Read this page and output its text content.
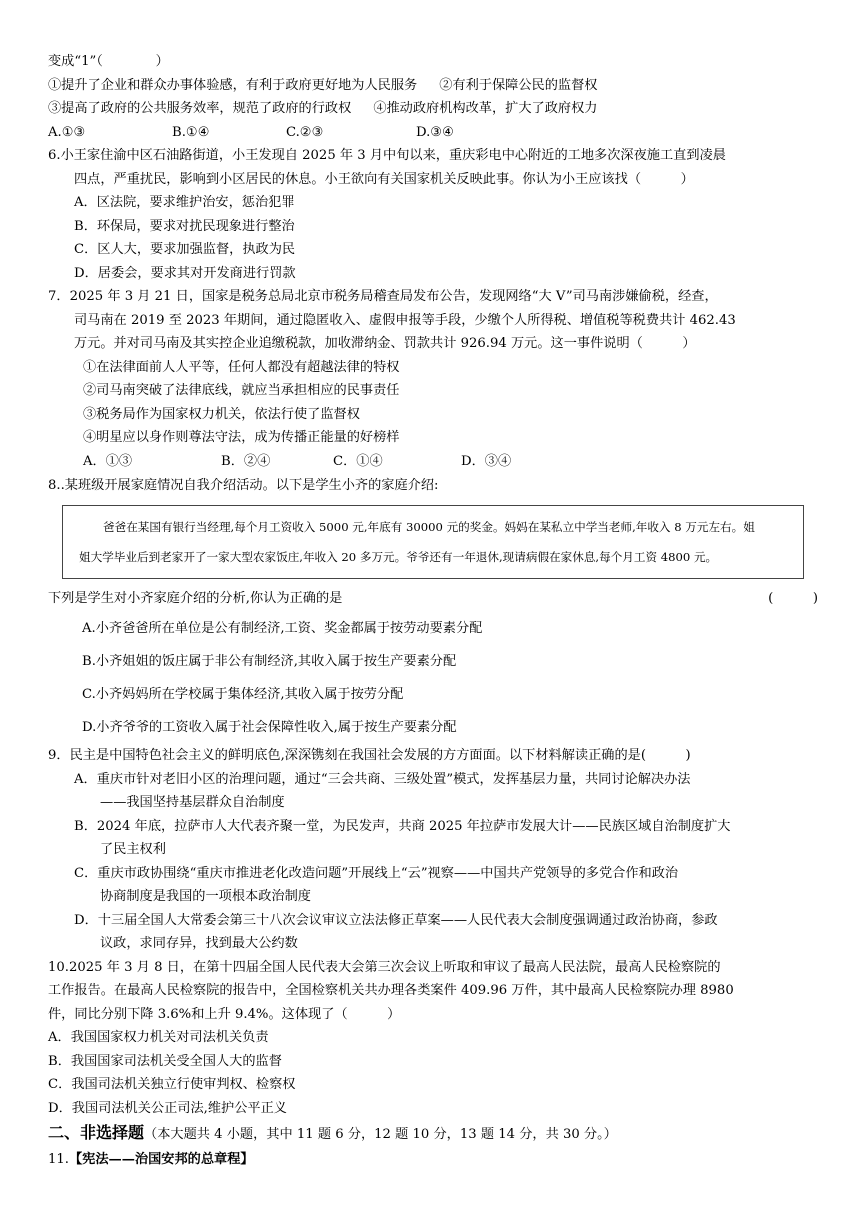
变成“1”（　　　　）
①提升了企业和群众办事体验感，有利于政府更好地为人民服务 ②有利于保障公民的监督权
③提高了政府的公共服务效率，规范了政府的行政权 ④推动政府机构改革，扩大了政府权力
A.①③	B.①④	C.②③	D.③④
6.小王家住渝中区石油路街道，小王发现自 2025 年 3 月中旬以来，重庆彩电中心附近的工地多次深夜施工直到凌晨
四点，严重扰民，影响到小区居民的休息。小王欲向有关国家机关反映此事。你认为小王应该找（　　　）
A．区法院，要求维护治安，惩治犯罪
B．环保局，要求对扰民现象进行整治
C．区人大，要求加强监督，执政为民
D．居委会，要求其对开发商进行罚款
7．2025 年 3 月 21 日，国家是税务总局北京市税务局稽查局发布公告，发现网络“大 V”司马南涉嫌偷税，经查，
司马南在 2019 至 2023 年期间，通过隐匿收入、虚假申报等手段，少缴个人所得税、增值税等税费共计 462.43
万元。并对司马南及其实控企业追缴税款，加收滞纳金、罚款共计 926.94 万元。这一事件说明（　　　）
①在法律面前人人平等，任何人都没有超越法律的特权
②司马南突破了法律底线，就应当承担相应的民事责任
③税务局作为国家权力机关，依法行使了监督权
④明星应以身作则尊法守法，成为传播正能量的好榜样
A．①③	B．②④	C．①④	D．③④
8..某班级开展家庭情况自我介绍活动。以下是学生小齐的家庭介绍:
爸爸在某国有银行当经理,每个月工资收入 5000 元,年底有 30000 元的奖金。妈妈在某私立中学当老师,年收入 8 万元左右。姐
姐大学毕业后到老家开了一家大型农家饭庄,年收入 20 多万元。爷爷还有一年退休,现请病假在家休息,每个月工资 4800 元。
下列是学生对小齐家庭介绍的分析,你认为正确的是	(　　　)
A.小齐爸爸所在单位是公有制经济,工资、奖金都属于按劳动要素分配
B.小齐姐姐的饭庄属于非公有制经济,其收入属于按生产要素分配
C.小齐妈妈所在学校属于集体经济,其收入属于按劳分配
D.小齐爷爷的工资收入属于社会保障性收入,属于按生产要素分配
9．民主是中国特色社会主义的鲜明底色,深深镌刻在我国社会发展的方方面面。以下材料解读正确的是(　　　)
A．重庆市针对老旧小区的治理问题，通过“三会共商、三级处置”模式，发挥基层力量，共同讨论解决办法
——我国坚持基层群众自治制度
B．2024 年底，拉萨市人大代表齐聚一堂，为民发声，共商 2025 年拉萨市发展大计——民族区域自治制度扩大
了民主权利
C．重庆市政协围绕“重庆市推进老化改造问题”开展线上“云”视察——中国共产党领导的多党合作和政治
协商制度是我国的一项根本政治制度
D．十三届全国人大常委会第三十八次会议审议立法法修正草案——人民代表大会制度强调通过政治协商，参政
议政，求同存异，找到最大公约数
10.2025 年 3 月 8 日，在第十四届全国人民代表大会第三次会议上听取和审议了最高人民法院，最高人民检察院的
工作报告。在最高人民检察院的报告中，全国检察机关共办理各类案件 409.96 万件，其中最高人民检察院办理 8980
件，同比分别下降 3.6%和上升 9.4%。这体现了（　　　）
A．我国国家权力机关对司法机关负责
B．我国国家司法机关受全国人大的监督
C．我国司法机关独立行使审判权、检察权
D．我国司法机关公正司法,维护公平正义
二、非选择题（本大题共 4 小题，其中 11 题 6 分，12 题 10 分，13 题 14 分，共 30 分。）
11.【宪法——治国安邦的总章程】
